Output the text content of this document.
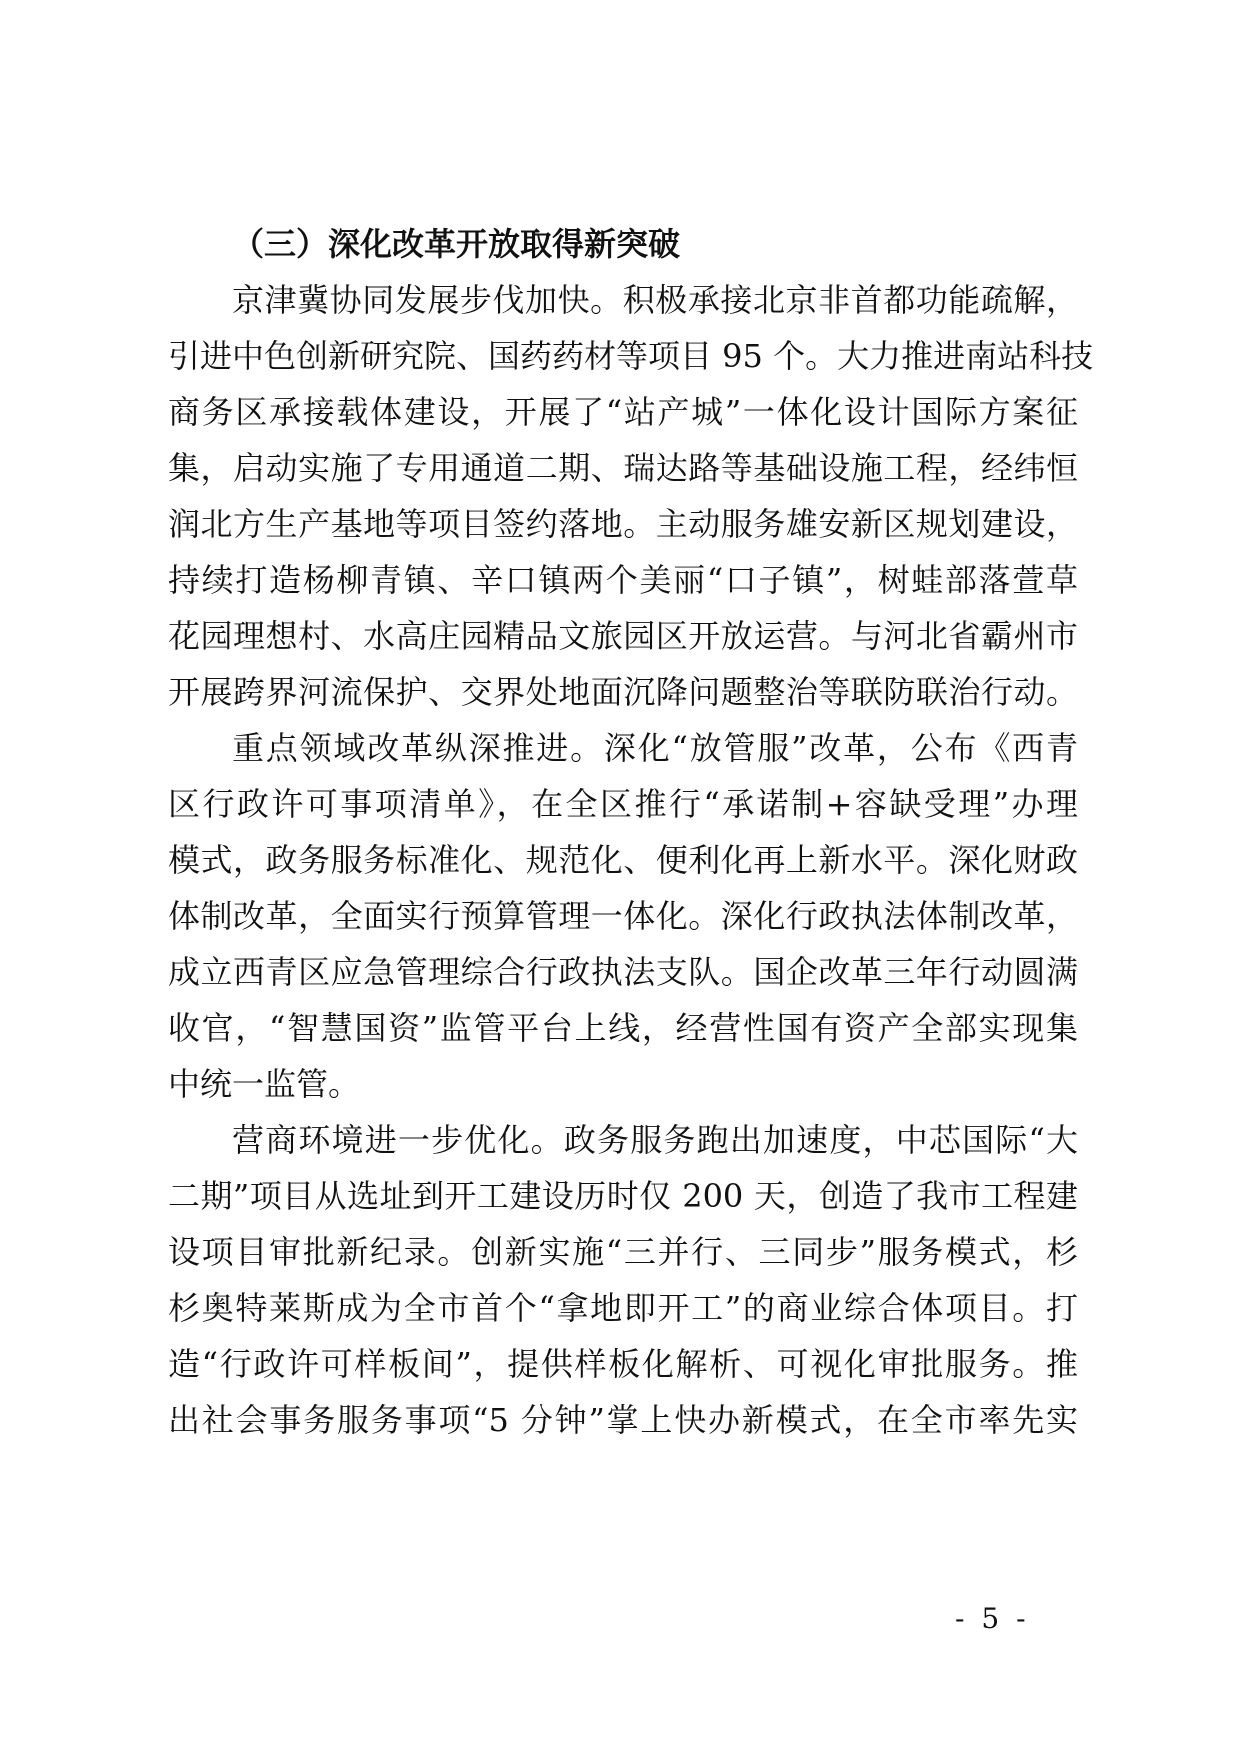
（三）深化改革开放取得新突破
京津冀协同发展步伐加快。积极承接北京非首都功能疏解，
引进中色创新研究院、国药药材等项目 95 个。大力推进南站科技
商务区承接载体建设，开展了“站产城”一体化设计国际方案征
集，启动实施了专用通道二期、瑞达路等基础设施工程，经纬恒
润北方生产基地等项目签约落地。主动服务雄安新区规划建设，
持续打造杨柳青镇、辛口镇两个美丽“口子镇”，树蛙部落萱草
花园理想村、水高庄园精品文旅园区开放运营。与河北省霸州市
开展跨界河流保护、交界处地面沉降问题整治等联防联治行动。
重点领域改革纵深推进。深化“放管服”改革，公布《西青
区行政许可事项清单》，在全区推行“承诺制+容缺受理”办理
模式，政务服务标准化、规范化、便利化再上新水平。深化财政
体制改革，全面实行预算管理一体化。深化行政执法体制改革，
成立西青区应急管理综合行政执法支队。国企改革三年行动圆满
收官，“智慧国资”监管平台上线，经营性国有资产全部实现集
中统一监管。
营商环境进一步优化。政务服务跑出加速度，中芯国际“大
二期”项目从选址到开工建设历时仅 200 天，创造了我市工程建
设项目审批新纪录。创新实施“三并行、三同步”服务模式，杉
杉奥特莱斯成为全市首个“拿地即开工”的商业综合体项目。打
造“行政许可样板间”，提供样板化解析、可视化审批服务。推
出社会事务服务事项“5 分钟”掌上快办新模式，在全市率先实
- 5 -
